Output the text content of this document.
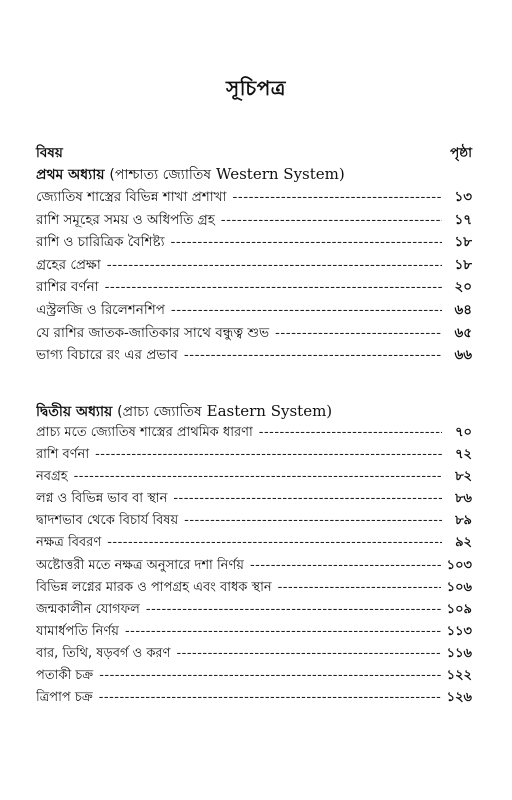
সূচিপত্র
বিষয়	পৃষ্ঠা
প্রথম অধ্যায় (পাশ্চাত্য জ্যোতিষ Western System)
জ্যোতিষ শাস্ত্রের বিভিন্ন শাখা প্রশাখা -----	১৩
রাশি সমূহের সময় ও অধিপতি গ্রহ -----	১৭
রাশি ও চারিত্রিক বৈশিষ্ট্য -----	১৮
গ্রহের প্রেক্ষা -----	১৮
রাশির বর্ণনা -----	২০
এস্ট্রলজি ও রিলেশনশিপ -----	৬৪
যে রাশির জাতক-জাতিকার সাথে বন্ধুত্ব শুভ -----	৬৫
ভাগ্য বিচারে রং এর প্রভাব -----	৬৬
দ্বিতীয় অধ্যায় (প্রাচ্য জ্যোতিষ Eastern System)
প্রাচ্য মতে জ্যোতিষ শাস্ত্রের প্রাথমিক ধারণা -----	৭০
রাশি বর্ণনা -----	৭২
নবগ্রহ -----	৮২
লগ্ন ও বিভিন্ন ভাব বা স্থান -----	৮৬
দ্বাদশভাব থেকে বিচার্য বিষয় -----	৮৯
নক্ষত্র বিবরণ -----	৯২
অষ্টোত্তরী মতে নক্ষত্র অনুসারে দশা নির্ণয় -----	১০৩
বিভিন্ন লগ্নের মারক ও পাপগ্রহ এবং বাধক স্থান -----	১০৬
জন্মকালীন যোগফল -----	১০৯
যামার্ধপতি নির্ণয় -----	১১৩
বার, তিথি, ষড়বর্গ ও করণ -----	১১৬
পতাকী চক্র -----	১২২
ত্রিপাপ চক্র -----	১২৬
